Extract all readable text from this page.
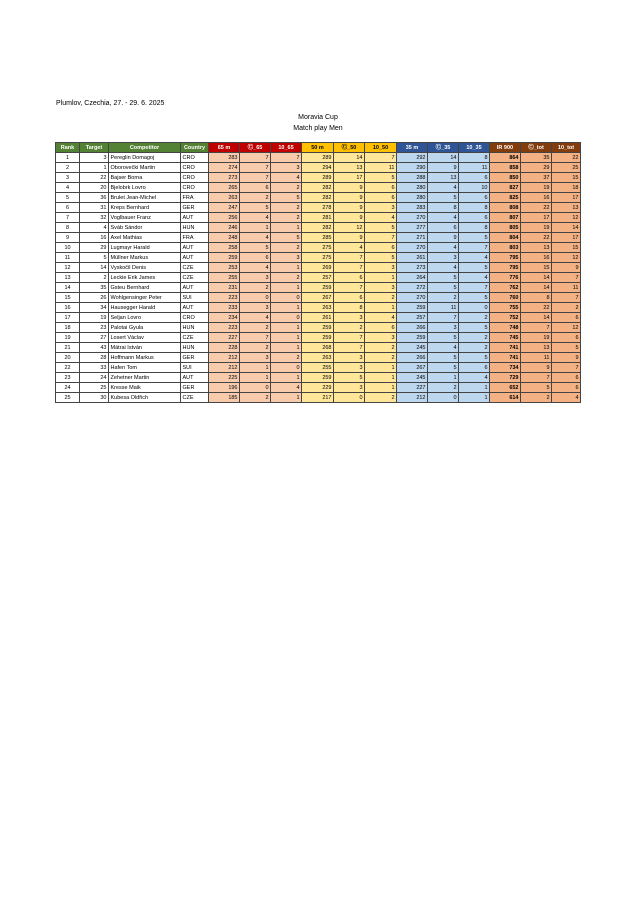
Plumlov, Czechia, 27. - 29. 6. 2025
Moravia Cup
Match play Men
Rank	Target	Competitor	Country	65 m	Ⓒ_65	10_65	50 m	Ⓒ_50	10_50	35 m	Ⓒ_35	10_35	IR 900	Ⓒ_tot	10_tot
1	3	Pereglin Domagoj	CRO	283	7	7	289	14	7	292	14	8	864	35	22
2	1	Oborovečki Martin	CRO	274	7	3	294	13	11	290	9	11	858	29	25
3	22	Bajser Borna	CRO	273	7	4	289	17	5	288	13	6	850	37	15
4	20	Bjelobrk Lovro	CRO	265	6	2	282	9	6	280	4	10	827	19	18
5	36	Brulet Jean-Michel	FRA	263	2	5	282	9	6	280	5	6	825	16	17
6	31	Kreps Bernhard	GER	247	5	2	278	9	3	283	8	8	808	22	13
7	32	Voglbauer Franz	AUT	256	4	2	281	9	4	270	4	6	807	17	12
8	4	Sváb Sándor	HUN	246	1	1	282	12	5	277	6	8	805	19	14
9	16	Axel Mathias	FRA	248	4	5	285	9	7	271	9	5	804	22	17
10	29	Lugmayr Harald	AUT	258	5	2	275	4	6	270	4	7	803	13	15
11	5	Müllner Markus	AUT	259	6	3	275	7	5	261	3	4	795	16	12
12	14	Vyskočil Denis	CZE	253	4	1	269	7	3	273	4	5	795	15	9
13	2	Leckie Erik James	CZE	255	3	2	257	6	1	264	5	4	776	14	7
14	35	Gsteu Bernhard	AUT	231	2	1	259	7	3	272	5	7	762	14	11
15	26	Wohlgensinger Peter	SUI	223	0	0	267	6	2	270	2	5	760	8	7
16	34	Hausegger Harald	AUT	233	3	1	263	8	1	259	11	0	755	22	2
17	19	Seljan Lovro	CRO	234	4	0	261	3	4	257	7	2	752	14	6
18	23	Palotai Gyula	HUN	223	2	1	259	2	6	266	3	5	748	7	12
19	27	Losert Václav	CZE	227	7	1	259	7	3	259	5	2	745	19	6
21	43	Mátrai István	HUN	228	2	1	268	7	2	245	4	2	741	13	5
20	28	Hoffmann Markus	GER	212	3	2	263	3	2	266	5	5	741	11	9
22	33	Hafen Tom	SUI	212	1	0	255	3	1	267	5	6	734	9	7
23	24	Zehetner Martin	AUT	225	1	1	259	5	1	245	1	4	729	7	6
24	25	Kresse Maik	GER	196	0	4	229	3	1	227	2	1	652	5	6
25	30	Kubesa Oldřich	CZE	185	2	1	217	0	2	212	0	1	614	2	4
